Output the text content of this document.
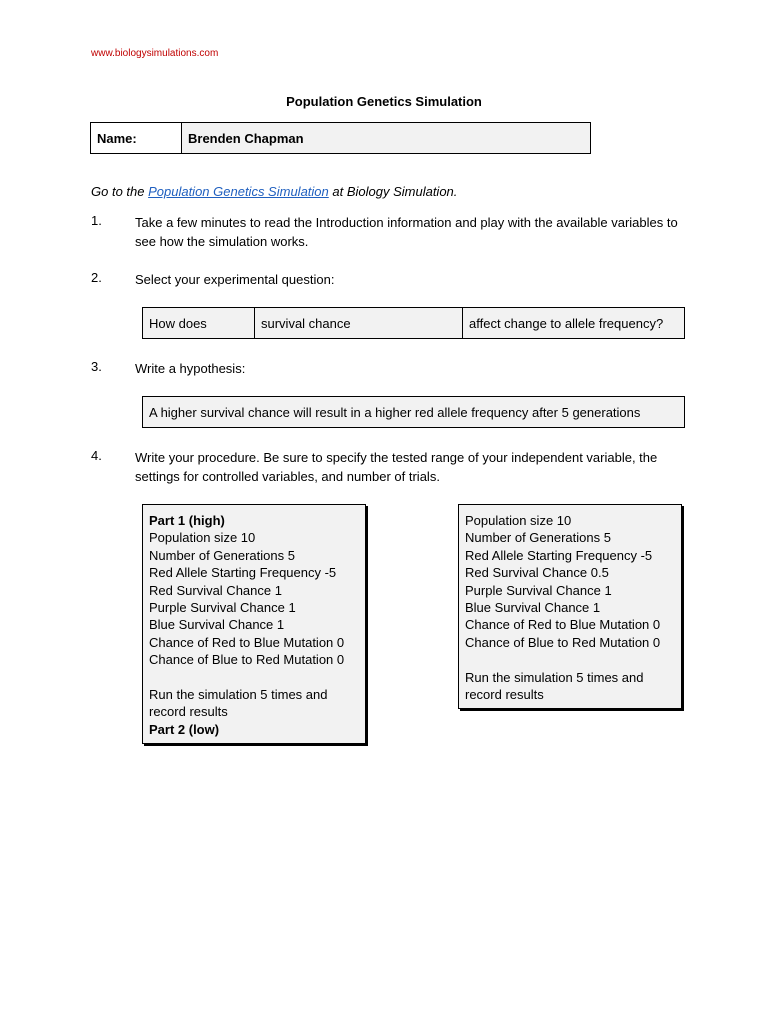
www.biologysimulations.com
Population Genetics Simulation
Name:	Brenden Chapman
Go to the Population Genetics Simulation at Biology Simulation.
1.	Take a few minutes to read the Introduction information and play with the available variables to see how the simulation works.
2.	Select your experimental question:
How does	survival chance	affect change to allele frequency?
3.	Write a hypothesis:
A higher survival chance will result in a higher red allele frequency after 5 generations
4.	Write your procedure. Be sure to specify the tested range of your independent variable, the settings for controlled variables, and number of trials.
Part 1 (high)
Population size 10
Number of Generations 5
Red Allele Starting Frequency -5
Red Survival Chance 1
Purple Survival Chance 1
Blue Survival Chance 1
Chance of Red to Blue Mutation 0
Chance of Blue to Red Mutation 0
Run the simulation 5 times and
record results
Part 2 (low)
Population size 10
Number of Generations 5
Red Allele Starting Frequency -5
Red Survival Chance 0.5
Purple Survival Chance 1
Blue Survival Chance 1
Chance of Red to Blue Mutation 0
Chance of Blue to Red Mutation 0
Run the simulation 5 times and
record results
